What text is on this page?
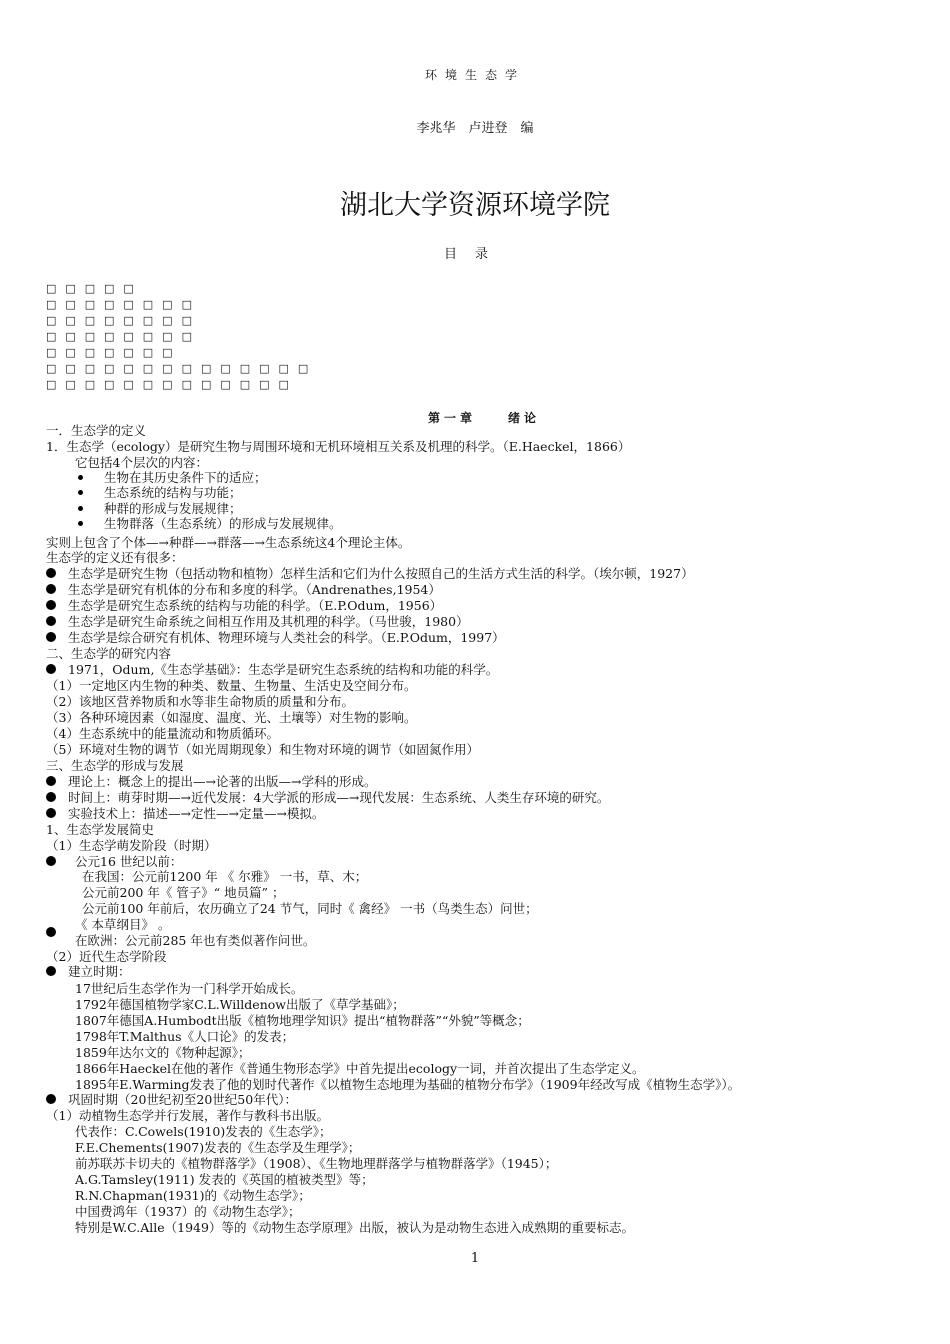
环境生态学
李兆华　卢进登　编
湖北大学资源环境学院
目录
□□□ □□
□□□ □□□□□
□□□ □□□□□
□□□ □□□□□
□□□ □□□□
□□□ □□□□□□□□□□□
□□□ □□□□□□□□□□
第一章　　绪论
一．生态学的定义
1．生态学（ecology）是研究生物与周围环境和无机环境相互关系及机理的科学。（E.Haeckel，1866）
它包括4个层次的内容：
生物在其历史条件下的适应；
生态系统的结构与功能；
种群的形成与发展规律；
生物群落（生态系统）的形成与发展规律。
实则上包含了个体—→种群—→群落—→生态系统这4个理论主体。
生态学的定义还有很多：
生态学是研究生物（包括动物和植物）怎样生活和它们为什么按照自己的生活方式生活的科学。（埃尔顿，1927）
生态学是研究有机体的分布和多度的科学。（Andrenathes,1954）
生态学是研究生态系统的结构与功能的科学。（E.P.Odum，1956）
生态学是研究生命系统之间相互作用及其机理的科学。（马世骏，1980）
生态学是综合研究有机体、物理环境与人类社会的科学。（E.P.Odum，1997）
二、生态学的研究内容
1971，Odum,《生态学基础》：生态学是研究生态系统的结构和功能的科学。
（1）一定地区内生物的种类、数量、生物量、生活史及空间分布。
（2）该地区营养物质和水等非生命物质的质量和分布。
（3）各种环境因素（如湿度、温度、光、土壤等）对生物的影响。
（4）生态系统中的能量流动和物质循环。
（5）环境对生物的调节（如光周期现象）和生物对环境的调节（如固氮作用）
三、生态学的形成与发展
理论上：概念上的提出—→论著的出版—→学科的形成。
时间上：萌芽时期—→近代发展：4大学派的形成—→现代发展：生态系统、人类生存环境的研究。
实验技术上：描述—→定性—→定量—→模拟。
1、生态学发展简史
（1）生态学萌发阶段（时期）
公元16 世纪以前：
在我国：公元前1200 年 《 尔雅》 一书，草、木；
公元前200 年《 管子》“ 地员篇” ；
公元前100 年前后，农历确立了24 节气，同时《 禽经》 一书（鸟类生态）问世；
《 本草纲目》 。
在欧洲：公元前285 年也有类似著作问世。
（2）近代生态学阶段
建立时期：
17世纪后生态学作为一门科学开始成长。
1792年德国植物学家C.L.Willdenow出版了《草学基础》；
1807年德国A.Humbodt出版《植物地理学知识》提出“植物群落”“外貌”等概念；
1798年T.Malthus《人口论》的发表；
1859年达尔文的《物种起源》；
1866年Haeckel在他的著作《普通生物形态学》中首先提出ecology一词，并首次提出了生态学定义。
1895年E.Warming发表了他的划时代著作《以植物生态地理为基础的植物分布学》（1909年经改写成《植物生态学》）。
巩固时期（20世纪初至20世纪50年代）：
（1）动植物生态学并行发展，著作与教科书出版。
代表作：C.Cowels(1910)发表的《生态学》；
F.E.Chements(1907)发表的《生态学及生理学》；
前苏联苏卡切夫的《植物群落学》（1908）、《生物地理群落学与植物群落学》（1945）；
A.G.Tamsley(1911) 发表的《英国的植被类型》等；
R.N.Chapman(1931)的《动物生态学》；
中国费鸿年（1937）的《动物生态学》；
特别是W.C.Alle（1949）等的《动物生态学原理》出版，被认为是动物生态进入成熟期的重要标志。
1
